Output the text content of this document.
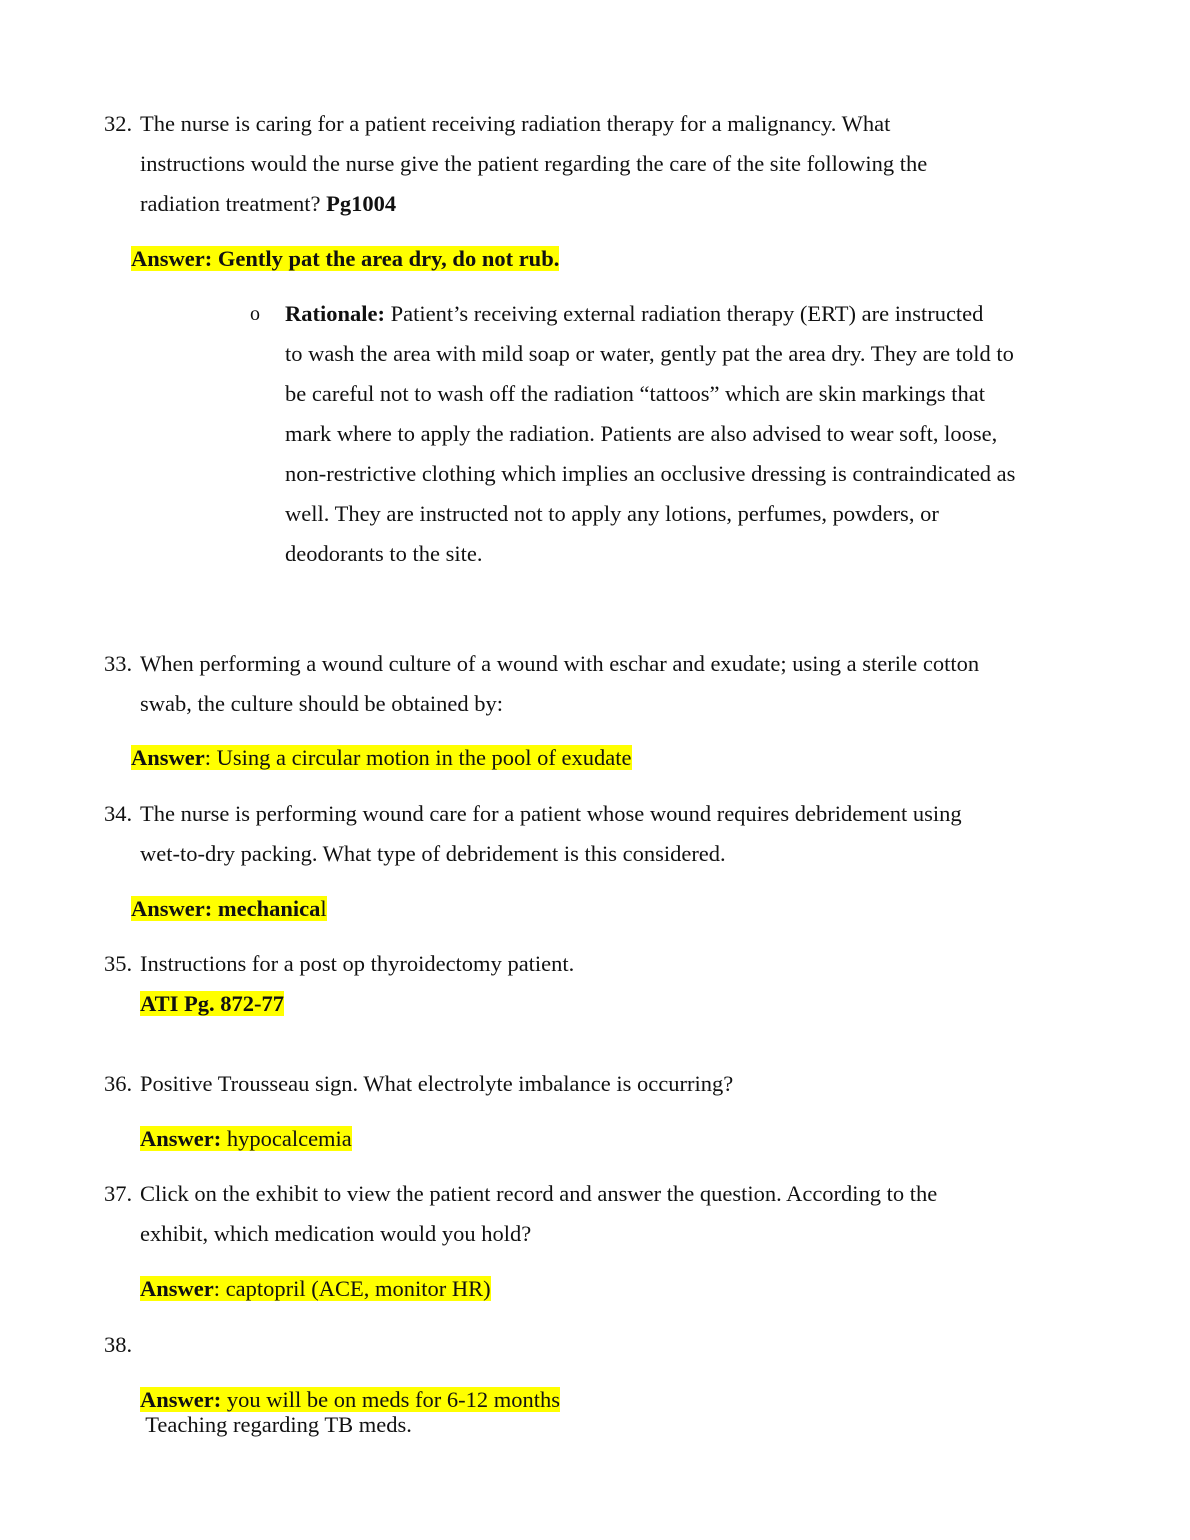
32. The nurse is caring for a patient receiving radiation therapy for a malignancy. What
instructions would the nurse give the patient regarding the care of the site following the
radiation treatment? Pg1004
Answer: Gently pat the area dry, do not rub.
o Rationale: Patient’s receiving external radiation therapy (ERT) are instructed
to wash the area with mild soap or water, gently pat the area dry. They are told to
be careful not to wash off the radiation “tattoos” which are skin markings that
mark where to apply the radiation. Patients are also advised to wear soft, loose,
non-restrictive clothing which implies an occlusive dressing is contraindicated as
well. They are instructed not to apply any lotions, perfumes, powders, or
deodorants to the site.
33. When performing a wound culture of a wound with eschar and exudate; using a sterile cotton
swab, the culture should be obtained by:
Answer: Using a circular motion in the pool of exudate
34. The nurse is performing wound care for a patient whose wound requires debridement using
wet-to-dry packing. What type of debridement is this considered.
Answer: mechanical
35. Instructions for a post op thyroidectomy patient.
ATI Pg. 872-77
36. Positive Trousseau sign. What electrolyte imbalance is occurring?
Answer: hypocalcemia
37. Click on the exhibit to view the patient record and answer the question. According to the
exhibit, which medication would you hold?
Answer: captopril (ACE, monitor HR)
38.

Teaching regarding TB meds.

Answer: you will be on meds for 6-12 months
